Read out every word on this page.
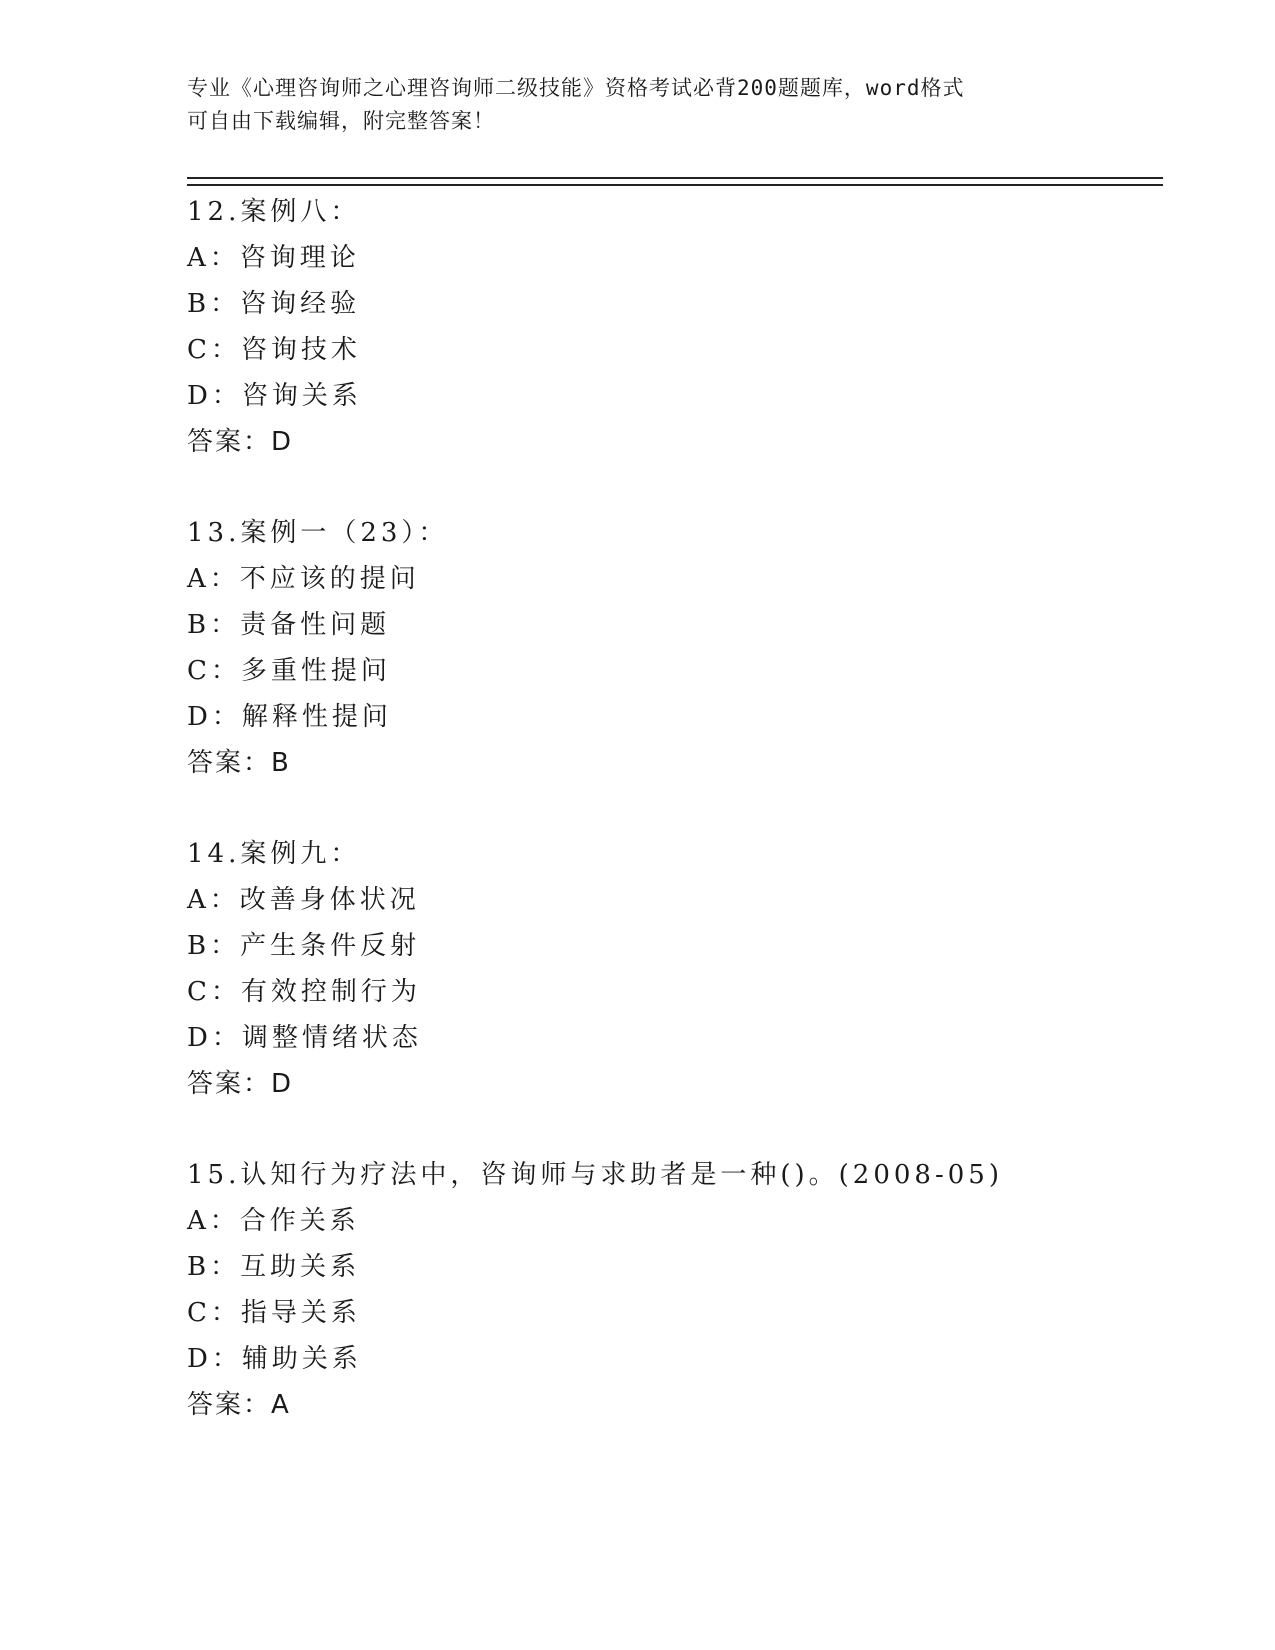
专业《心理咨询师之心理咨询师二级技能》资格考试必背200题题库，word格式
可自由下载编辑，附完整答案！
12.案例八：
A：咨询理论
B：咨询经验
C：咨询技术
D：咨询关系
答案：D
13.案例一（23）：
A：不应该的提问
B：责备性问题
C：多重性提问
D：解释性提问
答案：B
14.案例九：
A：改善身体状况
B：产生条件反射
C：有效控制行为
D：调整情绪状态
答案：D
15.认知行为疗法中，咨询师与求助者是一种()。(2008-05)
A：合作关系
B：互助关系
C：指导关系
D：辅助关系
答案：A
